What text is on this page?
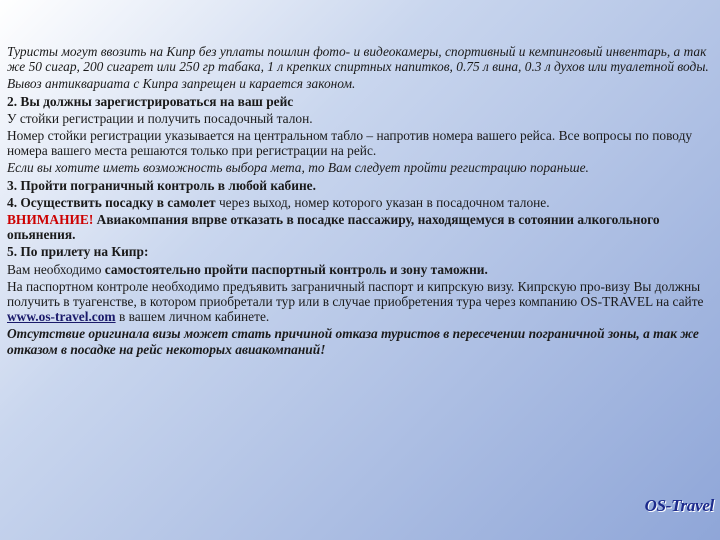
Туристы могут ввозить на Кипр без уплаты пошлин фото- и видеокамеры, спортивный и кемпинговый инвентарь, а так же 50 сигар, 200 сигарет или 250 гр табака, 1 л крепких спиртных напитков, 0.75 л вина, 0.3 л духов или туалетной воды.

Вывоз антиквариата с Кипра запрещен и карается законом.

2. Вы должны зарегистрироваться на ваш рейс

У стойки регистрации и получить посадочный талон.

Номер стойки регистрации указывается на центральном табло – напротив номера вашего рейса. Все вопросы по поводу номера вашего места решаются только при регистрации на рейс.

Если вы хотите иметь возможность выбора мета, то Вам следует пройти регистрацию пораньше.

3. Пройти пограничный контроль в любой кабине.

4. Осуществить посадку в самолет через выход, номер которого указан в посадочном талоне.

ВНИМАНИЕ! Авиакомпания впрве отказать в посадке пассажиру, находящемуся в сотоянии алкогольного опьянения.

5. По прилету на Кипр:

Вам необходимо самостоятельно пройти паспортный контроль и зону таможни.

На паспортном контроле необходимо предъявить заграничный паспорт и кипрскую визу. Кипрскую про-визу Вы должны получить в туагенстве, в котором приобретали тур или в случае приобретения тура через компанию OS-TRAVEL на сайте www.os-travel.com в вашем личном кабинете.

Отсутствие оригинала визы может стать причиной отказа туристов в пересечении пограничной зоны, а так же отказом в посадке на рейс некоторых авиакомпаний!

OS-Travel
